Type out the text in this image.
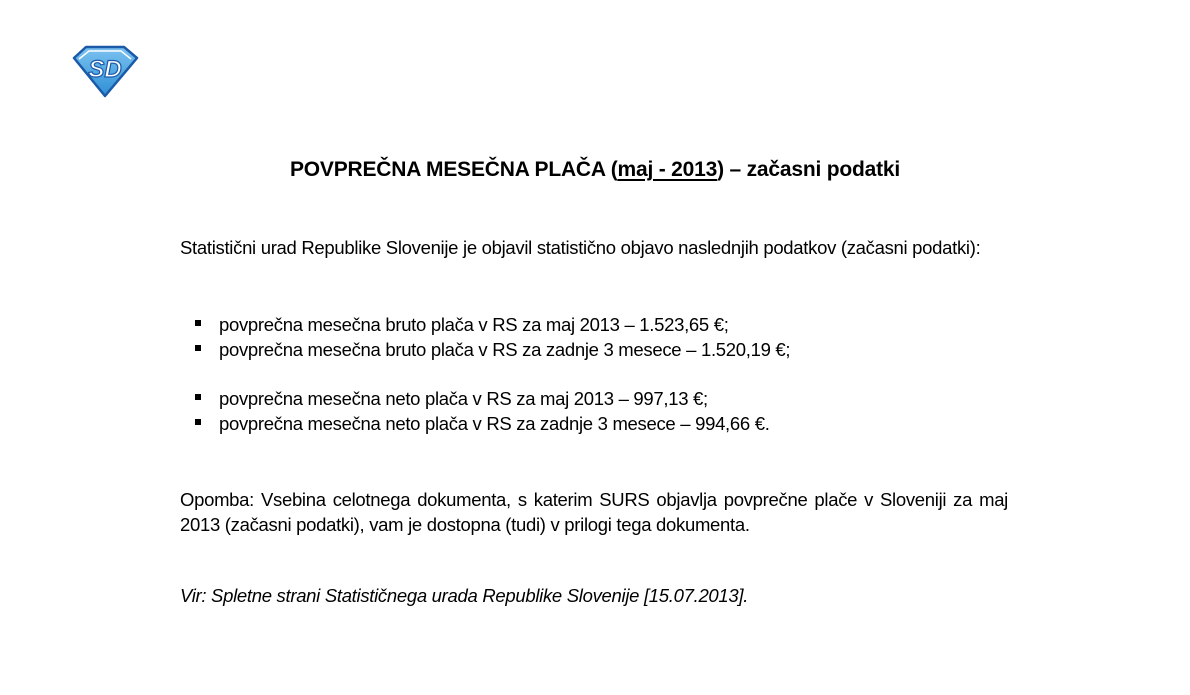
SD
POVPREČNA MESEČNA PLAČA (maj - 2013) – začasni podatki
Statistični urad Republike Slovenije je objavil statistično objavo naslednjih podatkov (začasni podatki):
povprečna mesečna bruto plača v RS za maj 2013 – 1.523,65 €;
povprečna mesečna bruto plača v RS za zadnje 3 mesece – 1.520,19 €;
povprečna mesečna neto plača v RS za maj 2013 – 997,13 €;
povprečna mesečna neto plača v RS za zadnje 3 mesece – 994,66 €.
Opomba: Vsebina celotnega dokumenta, s katerim SURS objavlja povprečne plače v Sloveniji za maj 2013 (začasni podatki), vam je dostopna (tudi) v prilogi tega dokumenta.
Vir: Spletne strani Statističnega urada Republike Slovenije [15.07.2013].
